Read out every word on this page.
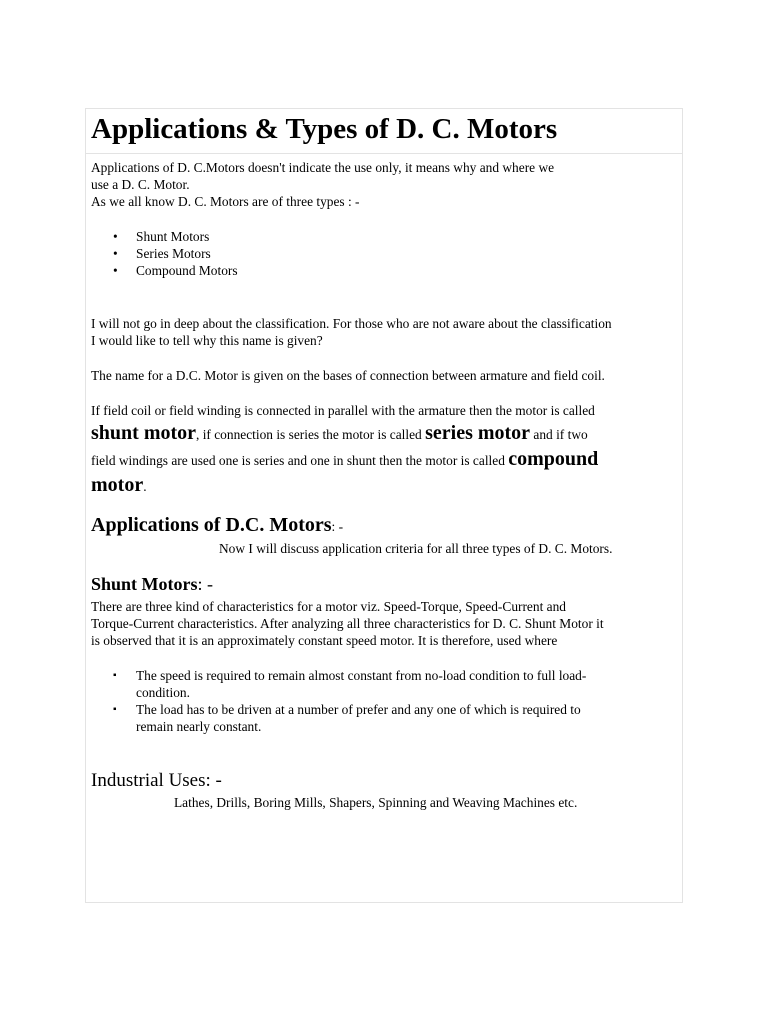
Applications & Types of D. C. Motors

Applications of D. C.Motors doesn't indicate the use only, it means why and where we

use a D. C. Motor.

As we all know D. C. Motors are of three types : -

• Shunt Motors
• Series Motors
• Compound Motors

I will not go in deep about the classification. For those who are not aware about the classification

I would like to tell why this name is given?

The name for a D.C. Motor is given on the bases of connection between armature and field coil.

If field coil or field winding is connected in parallel with the armature then the motor is called

shunt motor, if connection is series the motor is called series motor and if two

field windings are used one is series and one in shunt then the motor is called compound

motor.

Applications of D.C. Motors: -

Now I will discuss application criteria for all three types of D. C. Motors.

Shunt Motors: -

There are three kind of characteristics for a motor viz. Speed-Torque, Speed-Current and

Torque-Current characteristics. After analyzing all three characteristics for D. C. Shunt Motor it

is observed that it is an approximately constant speed motor. It is therefore, used where

▪ The speed is required to remain almost constant from no-load condition to full load-
condition.
▪ The load has to be driven at a number of prefer and any one of which is required to
remain nearly constant.

Industrial Uses: -

Lathes, Drills, Boring Mills, Shapers, Spinning and Weaving Machines etc.
